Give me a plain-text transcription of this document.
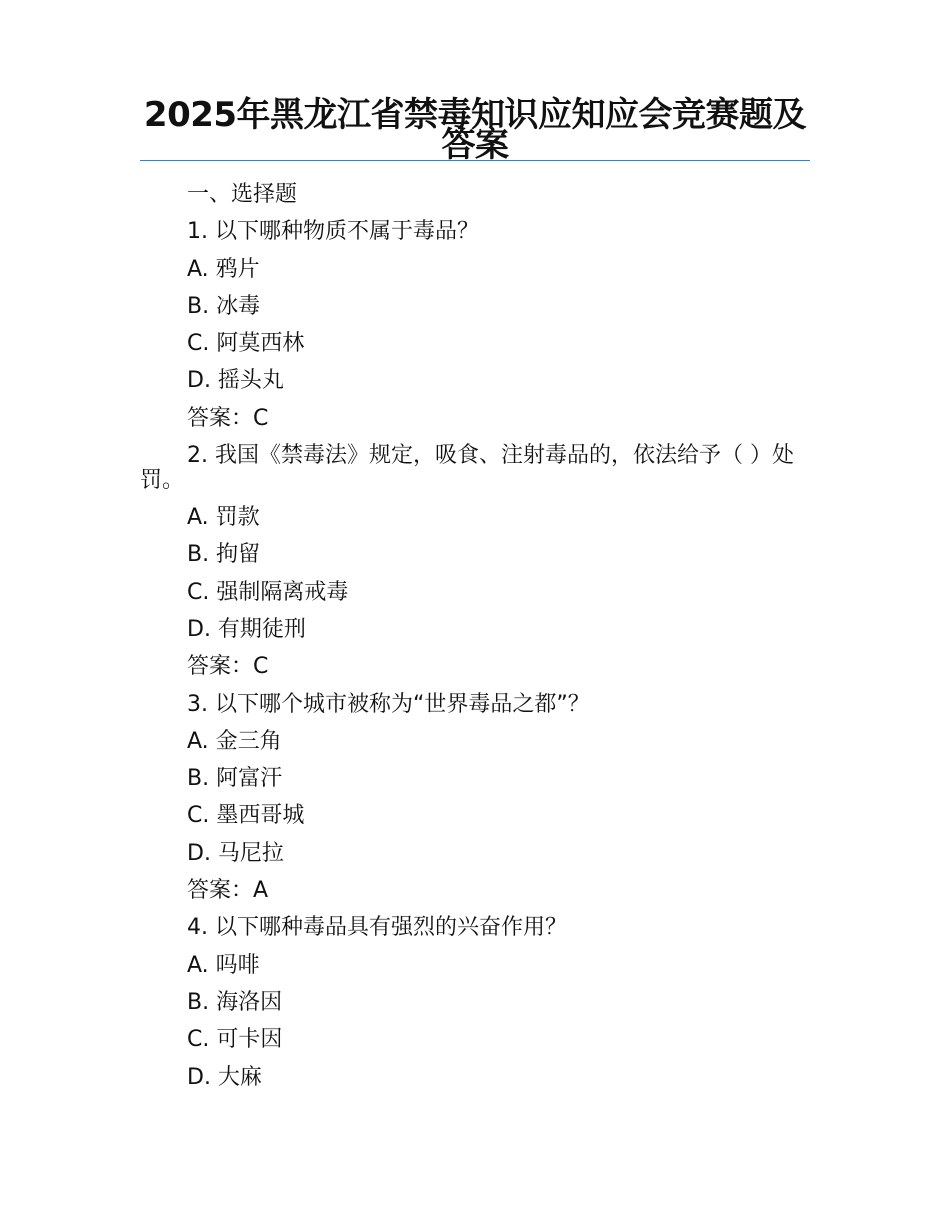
2025年黑龙江省禁毒知识应知应会竞赛题及答案
一、选择题
1. 以下哪种物质不属于毒品？
A. 鸦片
B. 冰毒
C. 阿莫西林
D. 摇头丸
答案：C
2. 我国《禁毒法》规定，吸食、注射毒品的，依法给予（ ）处罚。
A. 罚款
B. 拘留
C. 强制隔离戒毒
D. 有期徒刑
答案：C
3. 以下哪个城市被称为“世界毒品之都”？
A. 金三角
B. 阿富汗
C. 墨西哥城
D. 马尼拉
答案：A
4. 以下哪种毒品具有强烈的兴奋作用？
A. 吗啡
B. 海洛因
C. 可卡因
D. 大麻
